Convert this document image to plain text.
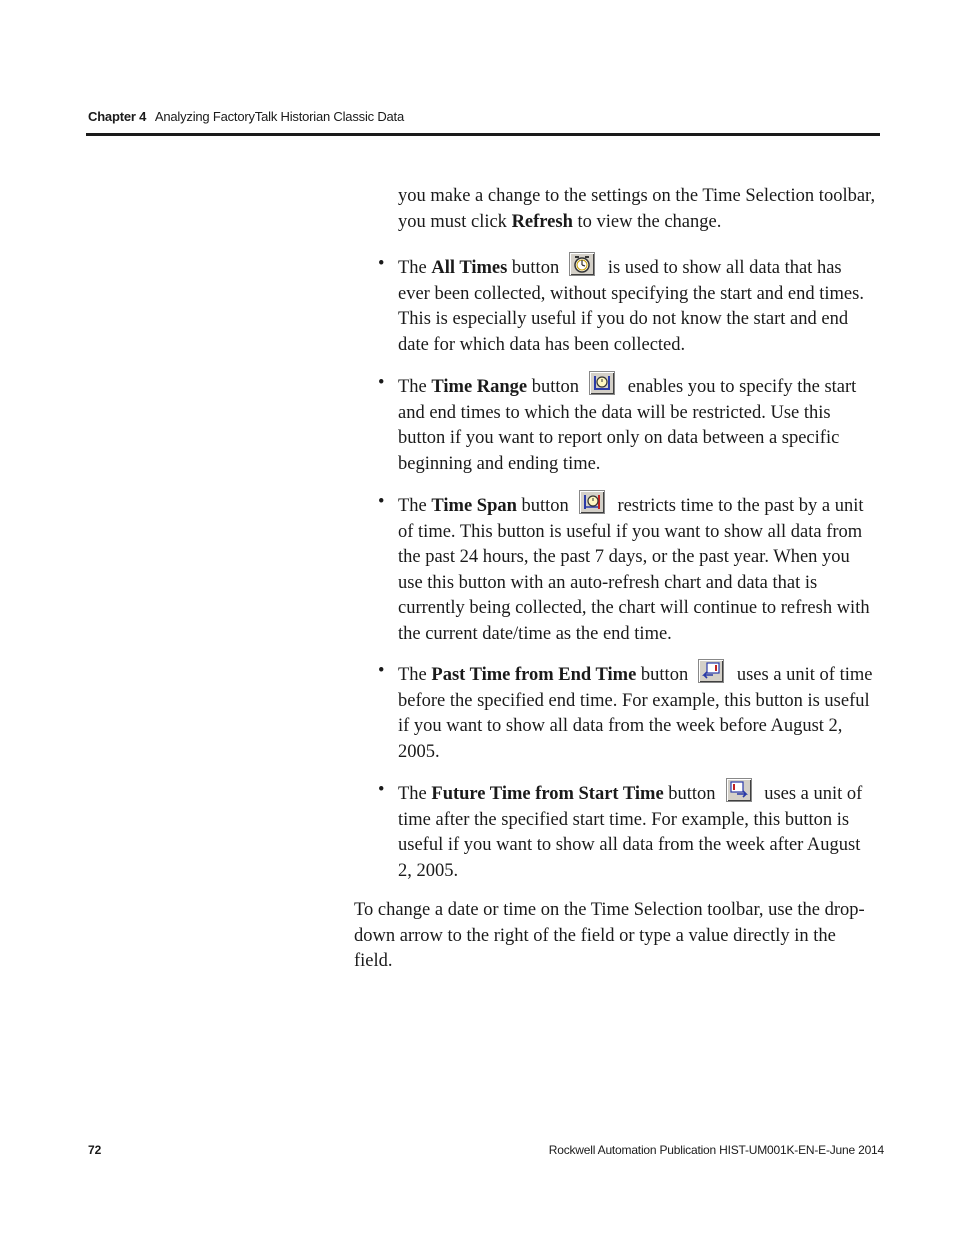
Chapter 4 Analyzing FactoryTalk Historian Classic Data
you make a change to the settings on the Time Selection toolbar, you must click Refresh to view the change.
• The All Times button
is used to show all data that has ever been collected, without specifying the start and end times. This is especially useful if you do not know the start and end date for which data has been collected.
• The Time Range button
enables you to specify the start and end times to which the data will be restricted. Use this button if you want to report only on data between a specific beginning and ending time.
• The Time Span button
restricts time to the past by a unit of time. This button is useful if you want to show all data from the past 24 hours, the past 7 days, or the past year. When you use this button with an auto-refresh chart and data that is currently being collected, the chart will continue to refresh with the current date/time as the end time.
• The Past Time from End Time button
uses a unit of time before the specified end time. For example, this button is useful if you want to show all data from the week before August 2, 2005.
• The Future Time from Start Time button
uses a unit of time after the specified start time. For example, this button is useful if you want to show all data from the week after August 2, 2005.
To change a date or time on the Time Selection toolbar, use the drop-down arrow to the right of the field or type a value directly in the field.
72	Rockwell Automation Publication HIST-UM001K-EN-E-June 2014
